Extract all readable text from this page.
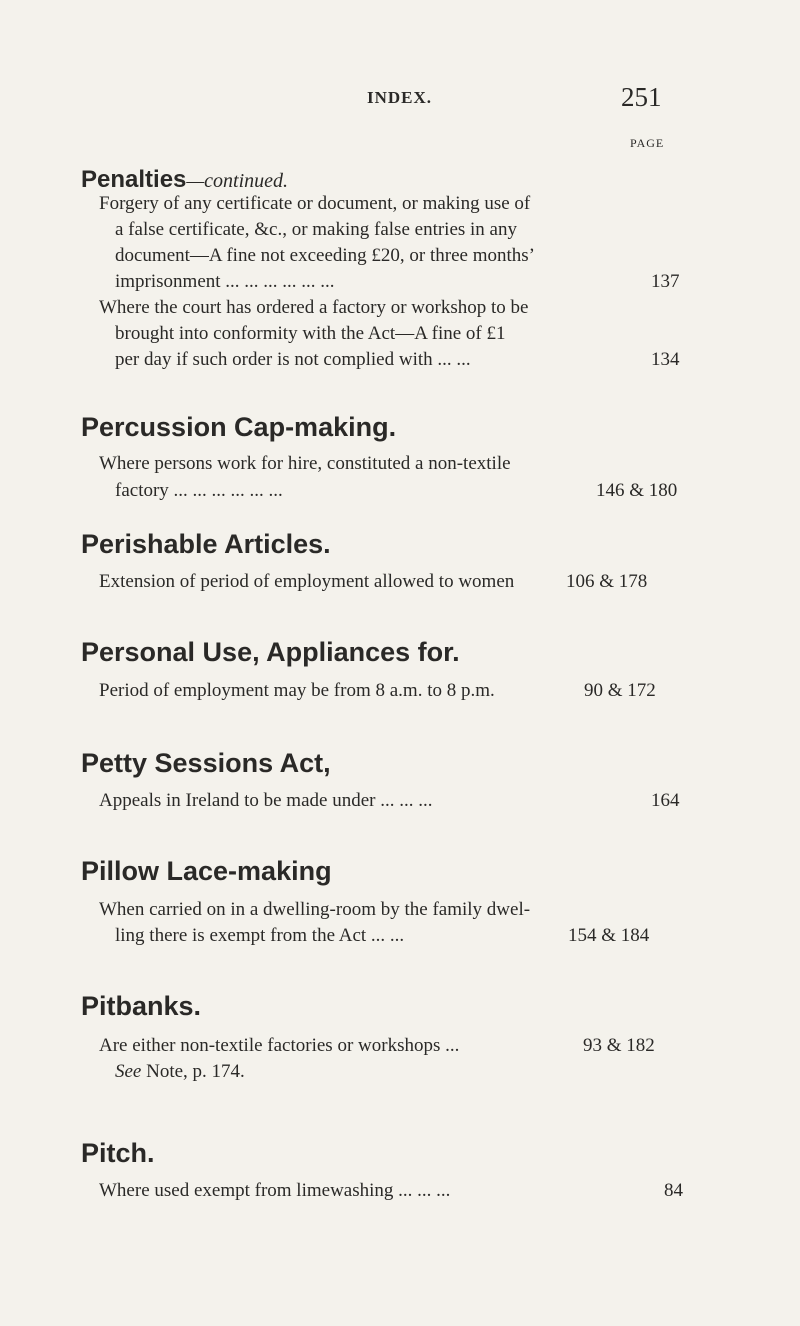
INDEX.	251
PAGE
Penalties—continued.
Forgery of any certificate or document, or making use of
a false certificate, &c., or making false entries in any
document—A fine not exceeding £20, or three months’
imprisonment ... ... ... ... ... ...	137
Where the court has ordered a factory or workshop to be
brought into conformity with the Act—A fine of £1
per day if such order is not complied with ... ...	134
Percussion Cap-making.
Where persons work for hire, constituted a non-textile
factory ... ... ... ... ... ...	146 & 180
Perishable Articles.
Extension of period of employment allowed to women	106 & 178
Personal Use, Appliances for.
Period of employment may be from 8 a.m. to 8 p.m.	90 & 172
Petty Sessions Act,
Appeals in Ireland to be made under ... ... ...	164
Pillow Lace-making
When carried on in a dwelling-room by the family dwel-
ling there is exempt from the Act ... ...	154 & 184
Pitbanks.
Are either non-textile factories or workshops ...	93 & 182
See Note, p. 174.
Pitch.
Where used exempt from limewashing ... ... ...	84
